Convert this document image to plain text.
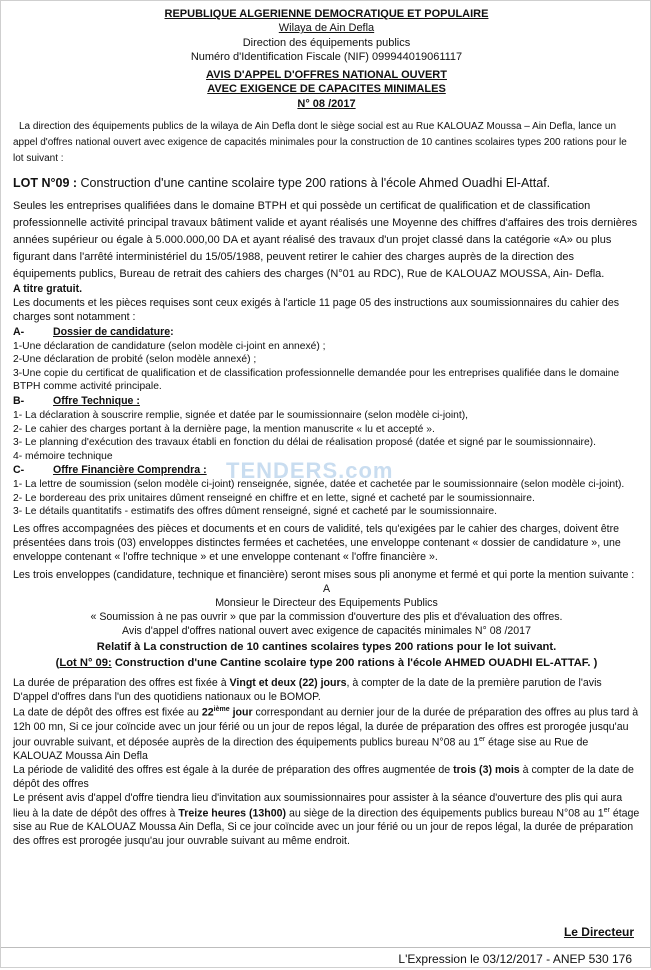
REPUBLIQUE ALGERIENNE DEMOCRATIQUE ET POPULAIRE
Wilaya de Ain Defla
Direction des équipements publics
Numéro d'Identification Fiscale (NIF) 099944019061117
AVIS D'APPEL D'OFFRES NATIONAL OUVERT
AVEC EXIGENCE DE CAPACITES MINIMALES
N° 08 /2017

La direction des équipements publics de la wilaya de Ain Defla dont le siège social est au Rue KALOUAZ Moussa – Ain Defla, lance un appel d'offres national ouvert avec exigence de capacités minimales pour la construction de 10 cantines scolaires types 200 rations pour le lot suivant :

LOT N°09 : Construction d'une cantine scolaire type 200 rations à l'école Ahmed Ouadhi El-Attaf.

Seules les entreprises qualifiées dans le domaine BTPH et qui possède un certificat de qualification et de classification professionnelle activité principal travaux bâtiment valide et ayant réalisés une Moyenne des chiffres d'affaires des trois dernières années supérieur ou égale à 5.000.000,00 DA et ayant réalisé des travaux d'un projet classé dans la catégorie «A» ou plus figurant dans l'arrêté interministériel du 15/05/1988, peuvent retirer le cahier des charges auprès de la direction des équipements publics, Bureau de retrait des cahiers des charges (N°01 au RDC), Rue de KALOUAZ MOUSSA, Ain- Defla.

A titre gratuit.

Les documents et les pièces requises sont ceux exigés à l'article 11 page 05 des instructions aux soumissionnaires du cahier des charges sont notamment :

A-	Dossier de candidature :
1-Une déclaration de candidature (selon modèle ci-joint en annexé) ;
2-Une déclaration de probité (selon modèle annexé) ;
3-Une copie du certificat de qualification et de classification professionnelle demandée pour les entreprises qualifiée dans le domaine BTPH comme activité principale.
B-	Offre Technique :
1- La déclaration à souscrire remplie, signée et datée par le soumissionnaire (selon modèle ci-joint),
2- Le cahier des charges portant à la dernière page, la mention manuscrite « lu et accepté ».
3- Le planning d'exécution des travaux établi en fonction du délai de réalisation proposé (datée et signé par le soumissionnaire).
4- mémoire technique
C-	Offre Financière Comprendra :
1- La lettre de soumission (selon modèle ci-joint) renseignée, signée, datée et cachetée par le soumissionnaire (selon modèle ci-joint).
2- Le bordereau des prix unitaires dûment renseigné en chiffre et en lette, signé et cacheté par le soumissionnaire.
3- Le détails quantitatifs - estimatifs des offres dûment renseigné, signé et cacheté par le soumissionnaire.

Les offres accompagnées des pièces et documents et en cours de validité, tels qu'exigées par le cahier des charges, doivent être présentées dans trois (03) enveloppes distinctes fermées et cachetées, une enveloppe contenant « dossier de candidature », une enveloppe contenant « l'offre technique » et une enveloppe contenant « l'offre financière ».

Les trois enveloppes (candidature, technique et financière) seront mises sous pli anonyme et fermé et qui porte la mention suivante :

A
Monsieur le Directeur des Equipements Publics
« Soumission à ne pas ouvrir » que par la commission d'ouverture des plis et d'évaluation des offres.
Avis d'appel d'offres national ouvert avec exigence de capacités minimales N° 08 /2017
Relatif à La construction de 10 cantines scolaires types 200 rations pour le lot suivant.
(Lot N° 09: Construction d'une Cantine scolaire type 200 rations à l'école AHMED OUADHI EL-ATTAF. )

La durée de préparation des offres est fixée à Vingt et deux (22) jours, à compter de la date de la première parution de l'avis

D'appel d'offres dans l'un des quotidiens nationaux ou le BOMOP.

La date de dépôt des offres est fixée au 22ième jour correspondant au dernier jour de la durée de préparation des offres au plus tard à 12h 00 mn, Si ce jour coïncide avec un jour férié ou un jour de repos légal, la durée de préparation des offres est prorogée jusqu'au jour ouvrable suivant, et déposée auprès de la direction des équipements publics bureau N°08 au 1er étage sise au Rue de KALOUAZ Moussa Ain Defla

La période de validité des offres est égale à la durée de préparation des offres augmentée de trois (3) mois à compter de la date de dépôt des offres

Le présent avis d'appel d'offre tiendra lieu d'invitation aux soumissionnaires pour assister à la séance d'ouverture des plis qui aura lieu à la date de dépôt des offres à Treize heures (13h00) au siège de la direction des équipements publics bureau N°08 au 1er étage sise au Rue de KALOUAZ Moussa Ain Defla, Si ce jour coïncide avec un jour férié ou un jour de repos légal, la durée de préparation des offres est prorogée jusqu'au jour ouvrable suivant au même endroit.

TENDERS.com
Le Directeur
L'Expression le 03/12/2017 - ANEP 530 176
